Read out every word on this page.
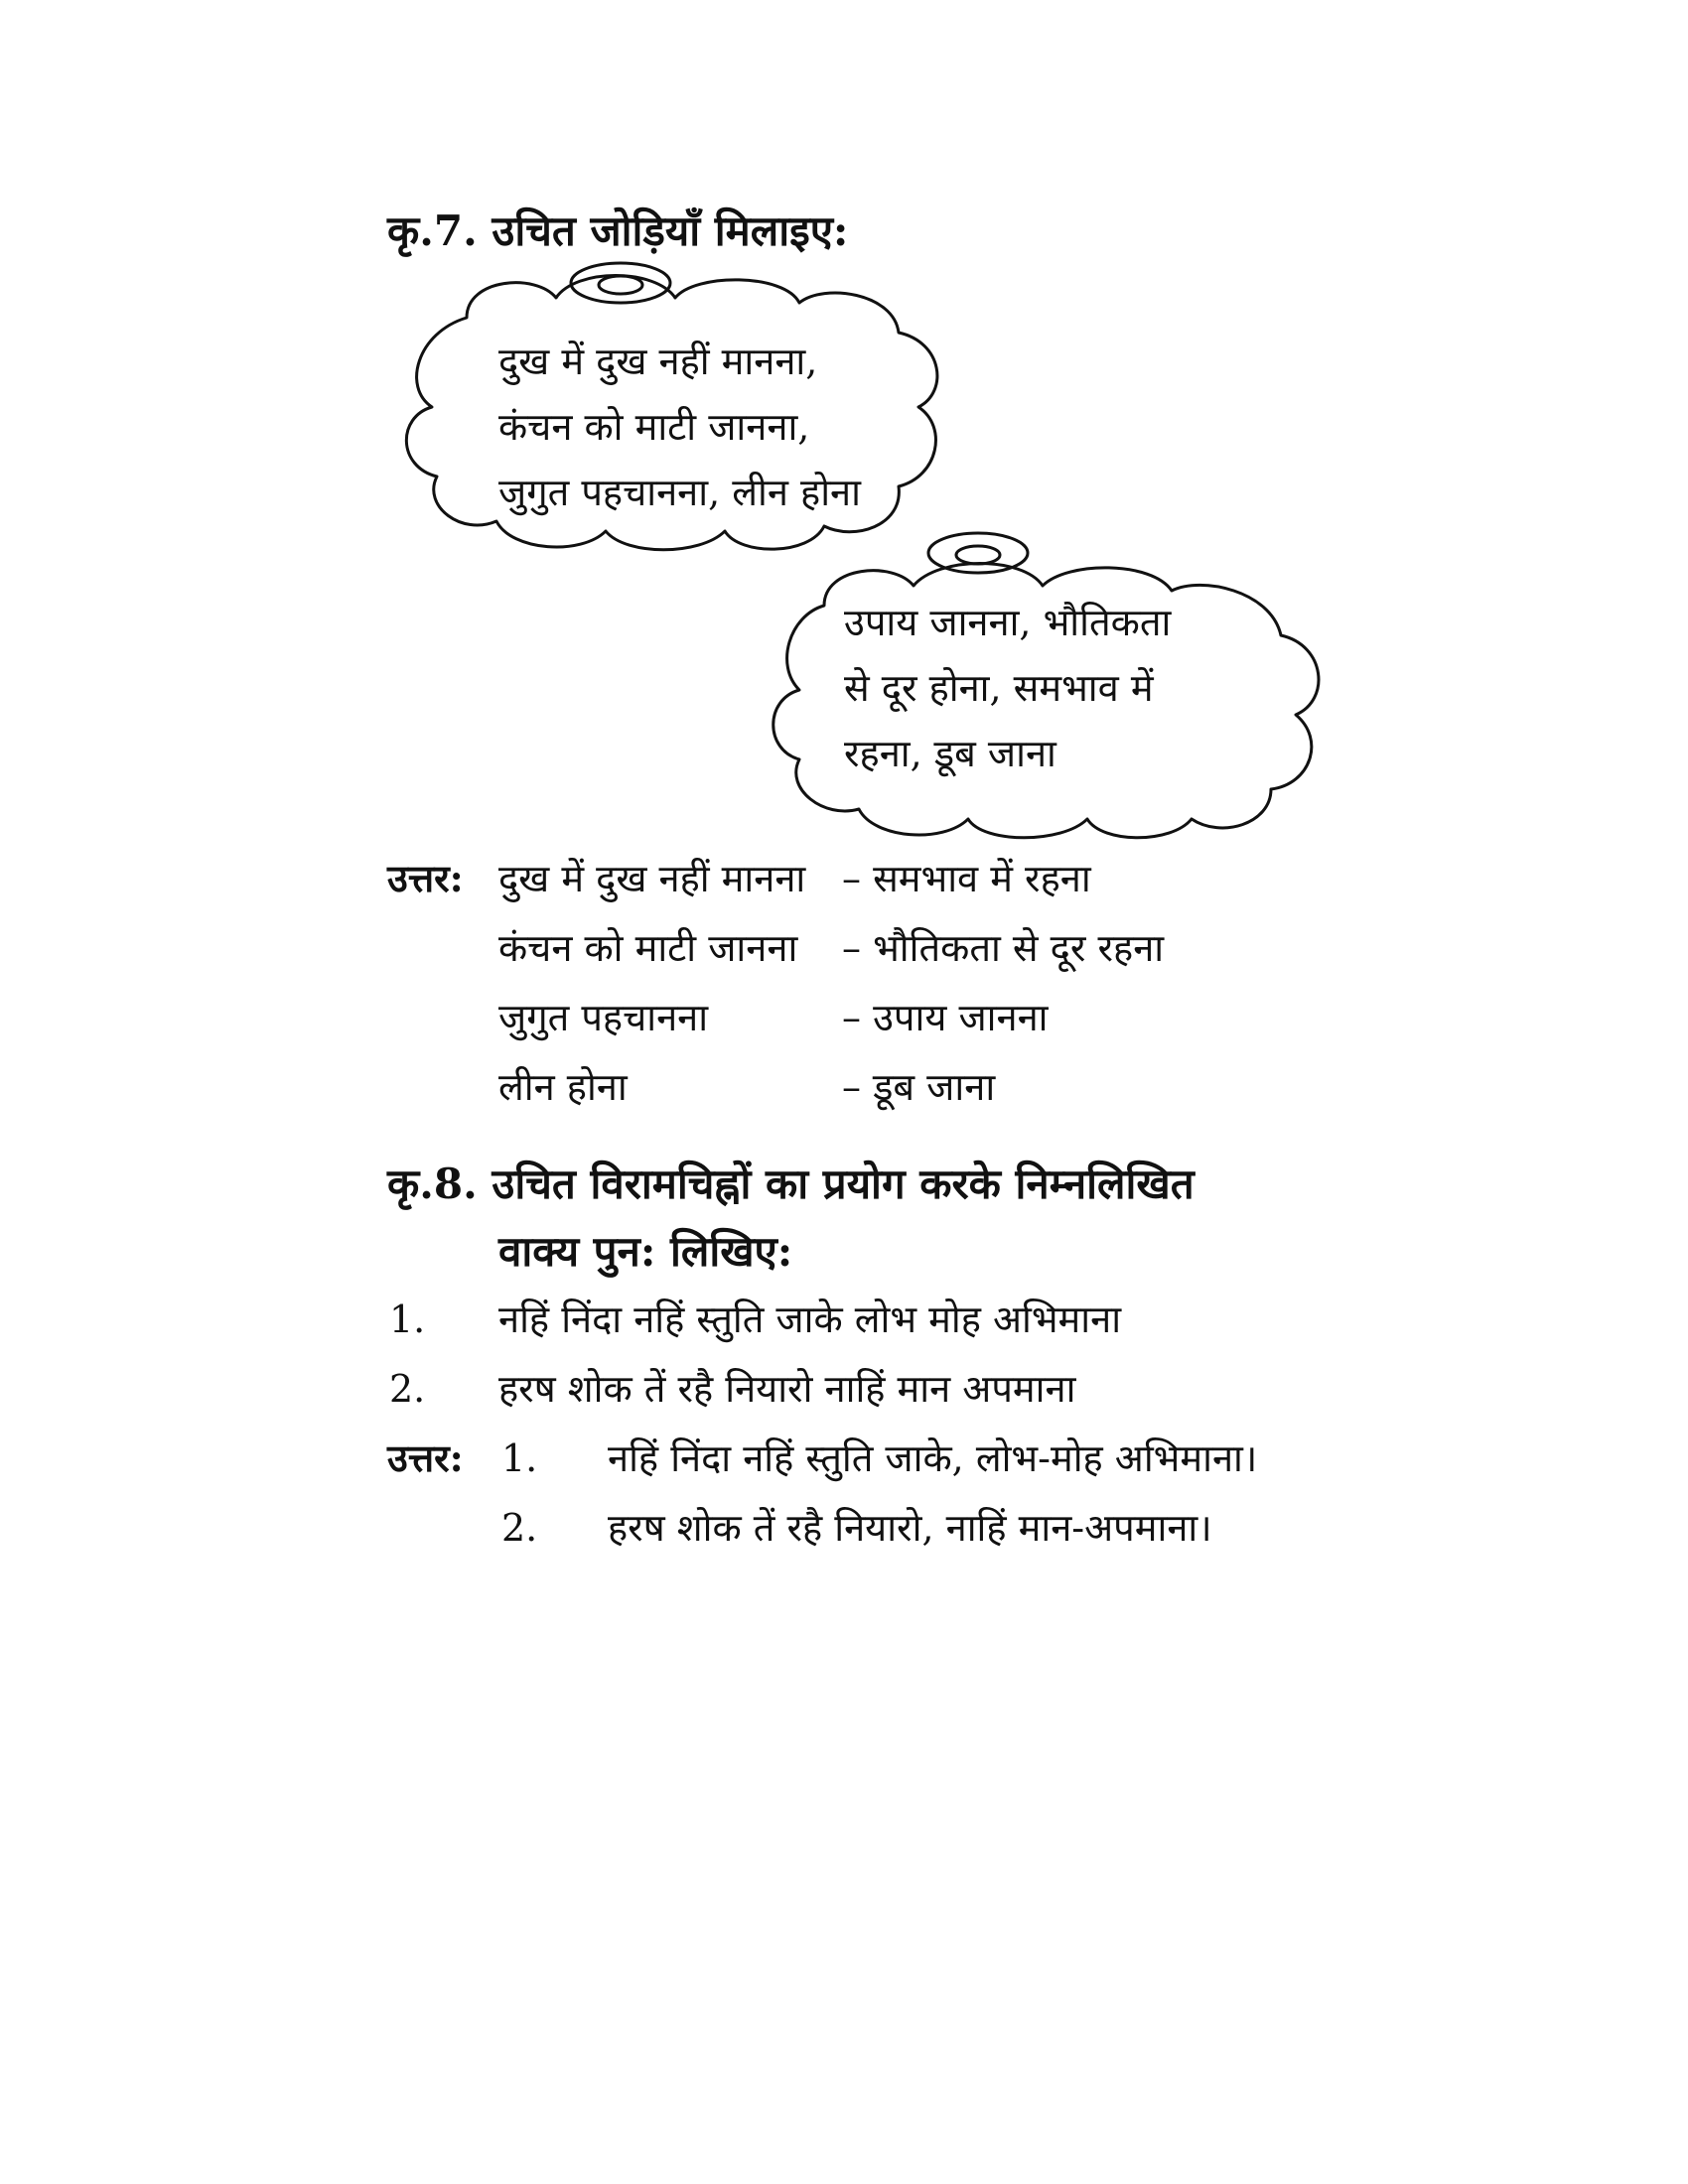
कृ.7. उचित जोड़ियाँ मिलाइए:
दुख में दुख नहीं मानना,
कंचन को माटी जानना,
जुगुत पहचानना, लीन होना
उपाय जानना, भौतिकता
से दूर होना, समभाव में
रहना, डूब जाना
उत्तर: दुख में दुख नहीं मानना – समभाव में रहना
कंचन को माटी जानना – भौतिकता से दूर रहना
जुगुत पहचानना	– उपाय जानना
लीन होना	– डूब जाना
कृ.8. उचित विरामचिह्नों का प्रयोग करके निम्नलिखित
वाक्य पुन: लिखिए:
1. नहिं निंदा नहिं स्तुति जाके लोभ मोह अभिमाना
2. हरष शोक तें रहै नियारो नाहिं मान अपमाना
उत्तर: 1. नहिं निंदा नहिं स्तुति जाके, लोभ-मोह अभिमाना।
2. हरष शोक तें रहै नियारो, नाहिं मान-अपमाना।
